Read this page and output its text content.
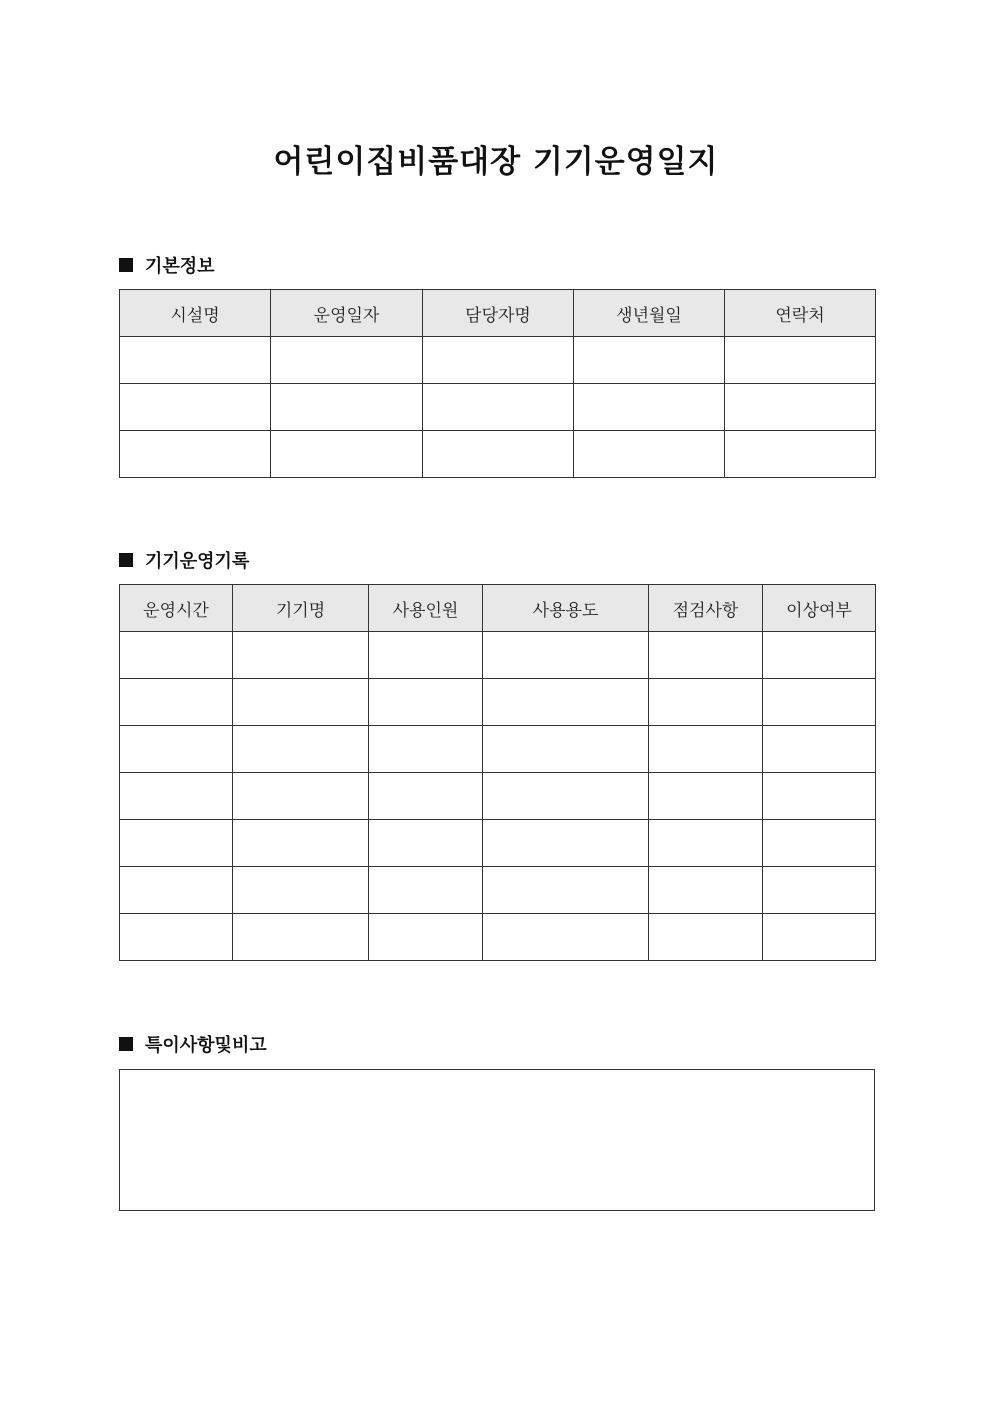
어린이집비품대장 기기운영일지
기본정보
시설명	운영일자	담당자명	생년월일	연락처

기기운영기록
운영시간	기기명	사용인원	사용용도	점검사항	이상여부

특이사항및비고
